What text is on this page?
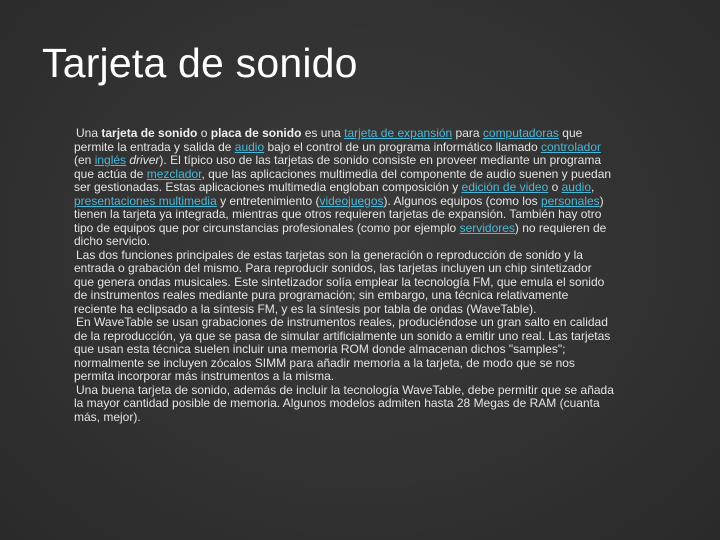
Tarjeta de sonido

Una tarjeta de sonido o placa de sonido es una tarjeta de expansión para computadoras que permite la entrada y salida de audio bajo el control de un programa informático llamado controlador (en inglés driver). El típico uso de las tarjetas de sonido consiste en proveer mediante un programa que actúa de mezclador, que las aplicaciones multimedia del componente de audio suenen y puedan ser gestionadas. Estas aplicaciones multimedia engloban composición y edición de video o audio, presentaciones multimedia y entretenimiento (videojuegos). Algunos equipos (como los personales) tienen la tarjeta ya integrada, mientras que otros requieren tarjetas de expansión. También hay otro tipo de equipos que por circunstancias profesionales (como por ejemplo servidores) no requieren de dicho servicio.

Las dos funciones principales de estas tarjetas son la generación o reproducción de sonido y la entrada o grabación del mismo. Para reproducir sonidos, las tarjetas incluyen un chip sintetizador que genera ondas musicales. Este sintetizador solía emplear la tecnología FM, que emula el sonido de instrumentos reales mediante pura programación; sin embargo, una técnica relativamente reciente ha eclipsado a la síntesis FM, y es la síntesis por tabla de ondas (WaveTable).

En WaveTable se usan grabaciones de instrumentos reales, produciéndose un gran salto en calidad de la reproducción, ya que se pasa de simular artificialmente un sonido a emitir uno real. Las tarjetas que usan esta técnica suelen incluir una memoria ROM donde almacenan dichos "samples"; normalmente se incluyen zócalos SIMM para añadir memoria a la tarjeta, de modo que se nos permita incorporar más instrumentos a la misma.

Una buena tarjeta de sonido, además de incluir la tecnología WaveTable, debe permitir que se añada la mayor cantidad posible de memoria. Algunos modelos admiten hasta 28 Megas de RAM (cuanta más, mejor).
